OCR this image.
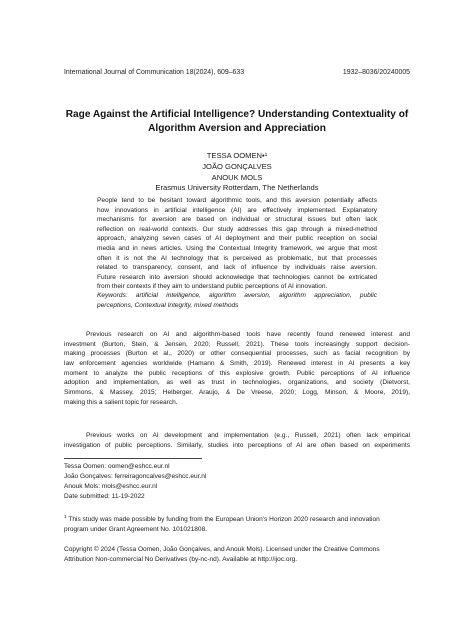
International Journal of Communication 18(2024), 609–633	1932–8036/20240005
Rage Against the Artificial Intelligence? Understanding Contextuality of
Algorithm Aversion and Appreciation
TESSA OOMEN•¹
JOÃO GONÇALVES
ANOUK MOLS
Erasmus University Rotterdam, The Netherlands
People tend to be hesitant toward algorithmic tools, and this aversion potentially affects
how innovations in artificial intelligence (AI) are effectively implemented. Explanatory
mechanisms for aversion are based on individual or structural issues but often lack
reflection on real-world contexts. Our study addresses this gap through a mixed-method
approach, analyzing seven cases of AI deployment and their public reception on social
media and in news articles. Using the Contextual Integrity framework, we argue that most
often it is not the AI technology that is perceived as problematic, but that processes
related to transparency, consent, and lack of influence by individuals raise aversion.
Future research into aversion should acknowledge that technologies cannot be extricated
from their contexts if they aim to understand public perceptions of AI innovation.
Keywords: artificial intelligence, algorithm aversion, algorithm appreciation, public
perceptions, Contextual Integrity, mixed methods
Previous research on AI and algorithm-based tools have recently found renewed interest and
investment (Burton, Stein, & Jensen, 2020; Russell, 2021). These tools increasingly support decision-
making processes (Burton et al., 2020) or other consequential processes, such as facial recognition by
law enforcement agencies worldwide (Hamann & Smith, 2019). Renewed interest in AI presents a key
moment to analyze the public receptions of this explosive growth. Public perceptions of AI influence
adoption and implementation, as well as trust in technologies, organizations, and society (Dietvorst,
Simmons, & Massey, 2015; Helberger, Araujo, & De Vreese, 2020; Logg, Minson, & Moore, 2019),
making this a salient topic for research.
Previous works on AI development and implementation (e.g., Russell, 2021) often lack empirical
investigation of public perceptions. Similarly, studies into perceptions of AI are often based on experiments
Tessa Oomen: oomen@eshcc.eur.nl
João Gonçalves: ferreiragoncalves@eshcc.eur.nl
Anouk Mols: mols@eshcc.eur.nl
Date submitted: 11-19-2022
$^1$ This study was made possible by funding from the European Union’s Horizon 2020 research and innovation
program under Grant Agreement No. 101021808.
Copyright © 2024 (Tessa Oomen, João Gonçalves, and Anouk Mols). Licensed under the Creative Commons
Attribution Non-commercial No Derivatives (by-nc-nd). Available at http://ijoc.org.
